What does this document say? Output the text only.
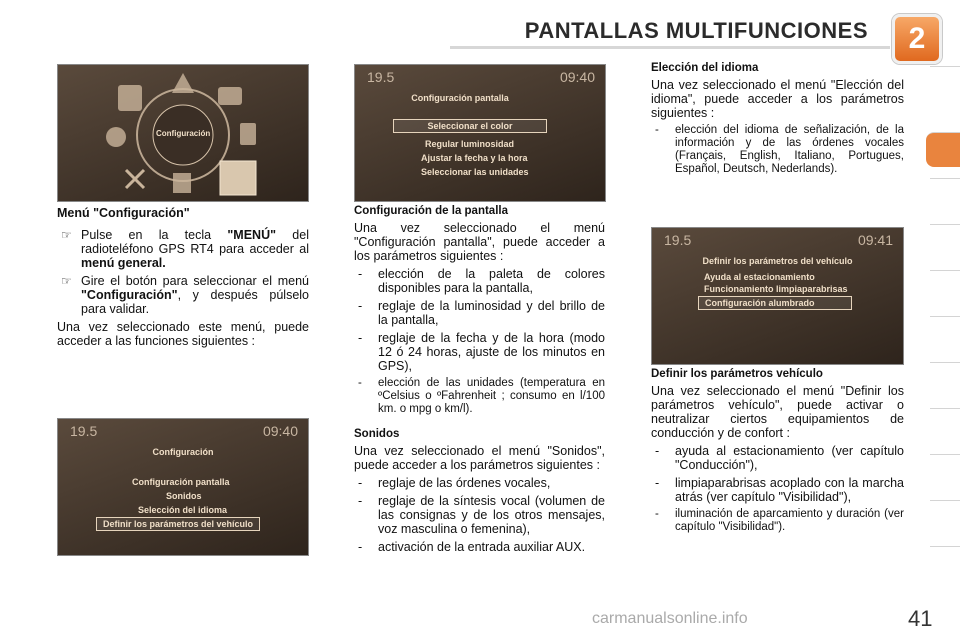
PANTALLAS MULTIFUNCIONES	2
Configuración
Menú "Configuración"
☞ Pulse en la tecla "MENÚ" del radioteléfono GPS RT4 para acceder al menú general.
☞ Gire el botón para seleccionar el menú "Configuración", y después púlselo para validar.
Una vez seleccionado este menú, puede acceder a las funciones siguientes :
19.5	09:40
Configuración
Configuración pantalla
Sonidos
Selección del idioma
Definir los parámetros del vehículo
19.5	09:40
Configuración pantalla
Seleccionar el color
Regular luminosidad
Ajustar la fecha y la hora
Seleccionar las unidades
Configuración de la pantalla
Una vez seleccionado el menú "Configuración pantalla", puede acceder a los parámetros siguientes :
- elección de la paleta de colores disponibles para la pantalla,
- reglaje de la luminosidad y del brillo de la pantalla,
- reglaje de la fecha y de la hora (modo 12 ó 24 horas, ajuste de los minutos en GPS),
- elección de las unidades (temperatura en ºCelsius o ºFahrenheit ; consumo en l/100 km. o mpg o km/l).
Sonidos
Una vez seleccionado el menú "Sonidos", puede acceder a los parámetros siguientes :
- reglaje de las órdenes vocales,
- reglaje de la síntesis vocal (volumen de las consignas y de los otros mensajes, voz masculina o femenina),
- activación de la entrada auxiliar AUX.
Elección del idioma
Una vez seleccionado el menú "Elección del idioma", puede acceder a los parámetros siguientes :
- elección del idioma de señalización, de la información y de las órdenes vocales (Français, English, Italiano, Portugues, Español, Deutsch, Nederlands).
19.5	09:41
Definir los parámetros del vehículo
Ayuda al estacionamiento
Funcionamiento limpiaparabrisas
Configuración alumbrado
Definir los parámetros vehículo
Una vez seleccionado el menú "Definir los parámetros vehículo", puede activar o neutralizar ciertos equipamientos de conducción y de confort :
- ayuda al estacionamiento (ver capítulo "Conducción"),
- limpiaparabrisas acoplado con la marcha atrás (ver capítulo "Visibilidad"),
- iluminación de aparcamiento y duración (ver capítulo "Visibilidad").
carmanualsonline.info	41
